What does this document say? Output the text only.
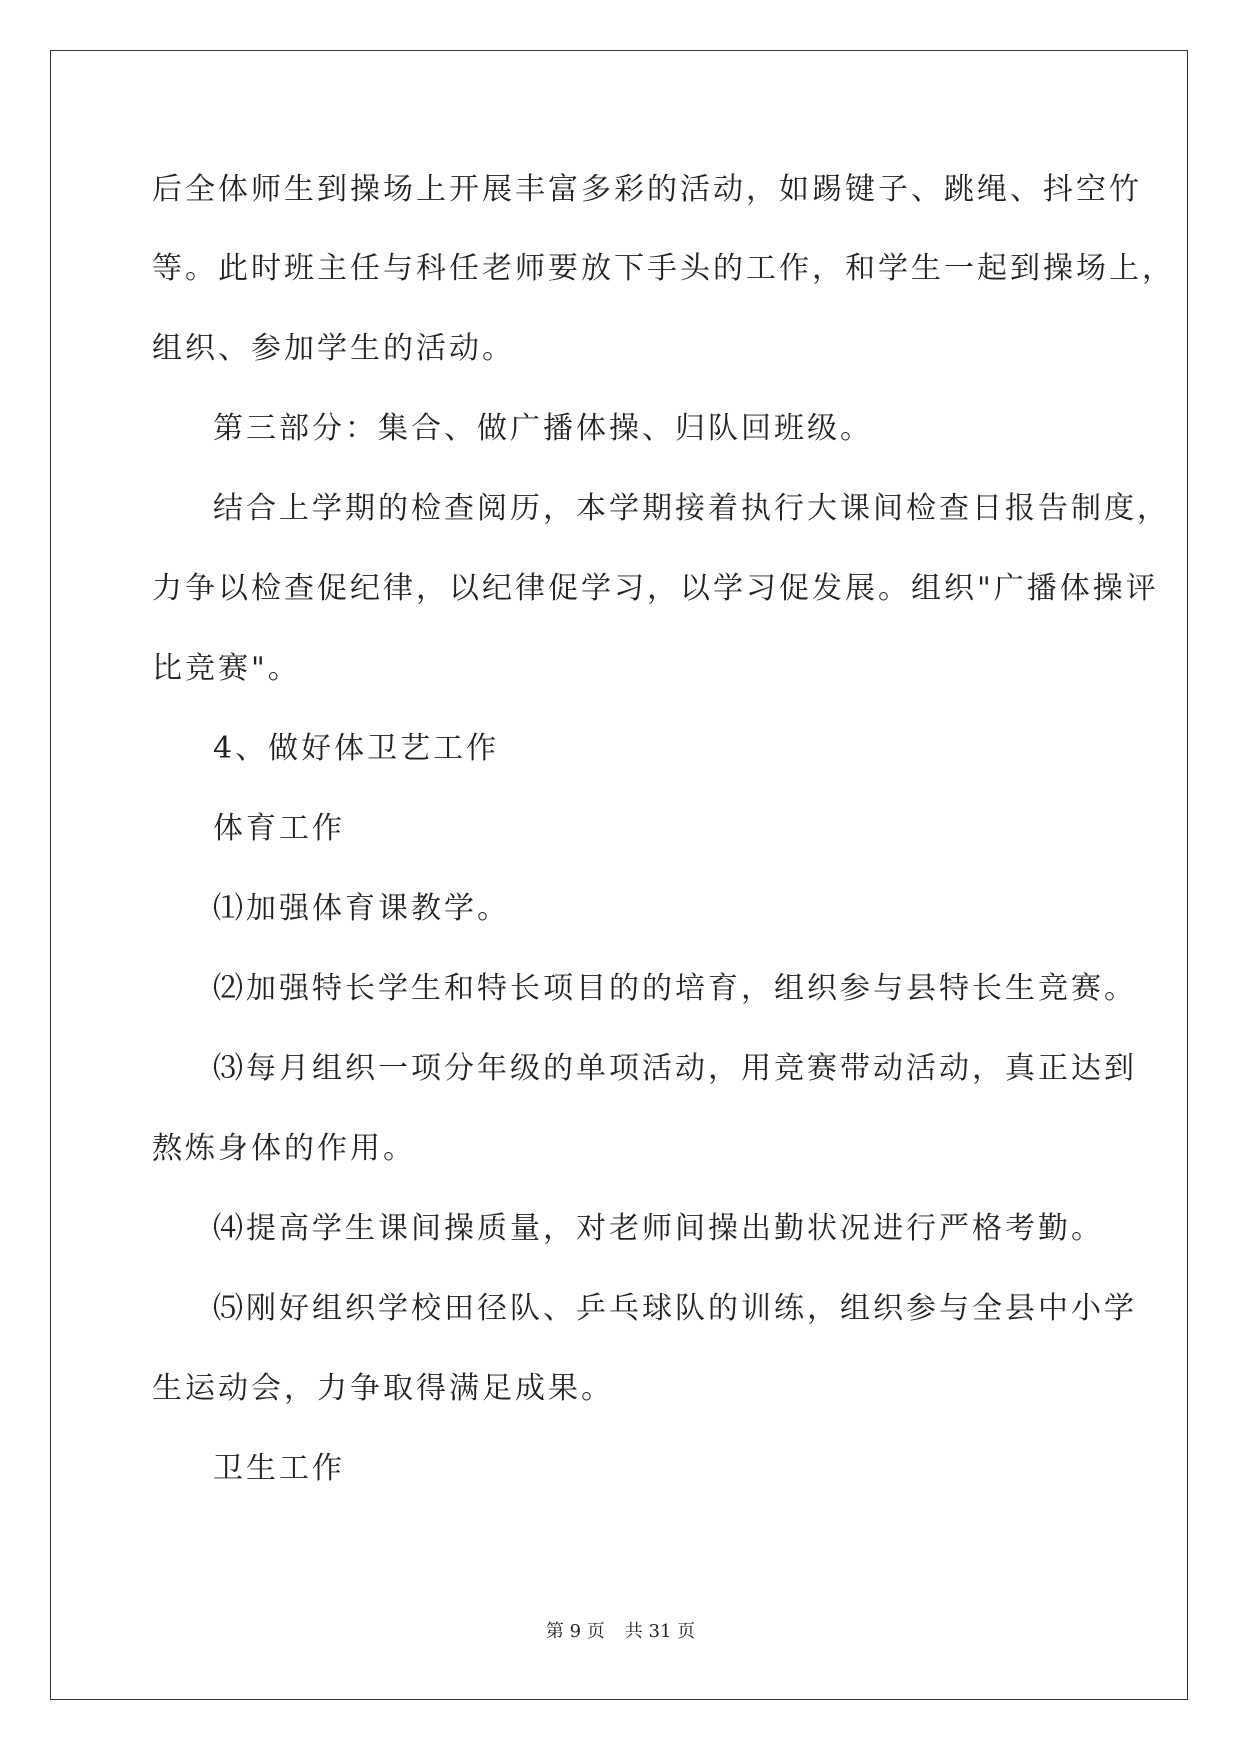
后全体师生到操场上开展丰富多彩的活动，如踢键子、跳绳、抖空竹
等。此时班主任与科任老师要放下手头的工作，和学生一起到操场上，
组织、参加学生的活动。
第三部分：集合、做广播体操、归队回班级。
结合上学期的检查阅历，本学期接着执行大课间检查日报告制度，
力争以检查促纪律，以纪律促学习，以学习促发展。组织"广播体操评
比竞赛"。
4、做好体卫艺工作
体育工作
⑴加强体育课教学。
⑵加强特长学生和特长项目的的培育，组织参与县特长生竞赛。
⑶每月组织一项分年级的单项活动，用竞赛带动活动，真正达到
熬炼身体的作用。
⑷提高学生课间操质量，对老师间操出勤状况进行严格考勤。
⑸刚好组织学校田径队、乒乓球队的训练，组织参与全县中小学
生运动会，力争取得满足成果。
卫生工作
第 9 页 共 31 页
